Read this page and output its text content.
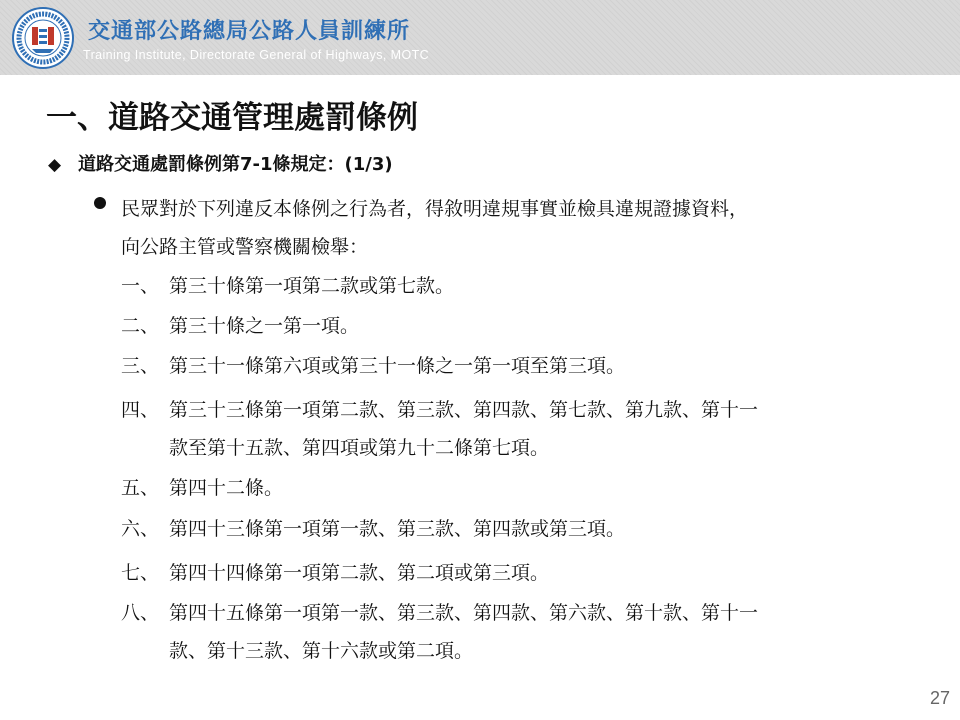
交通部公路總局公路人員訓練所
Training Institute, Directorate General of Highways, MOTC
一、道路交通管理處罰條例
◆ 道路交通處罰條例第7-1條規定：(1/3)
民眾對於下列違反本條例之行為者，得敘明違規事實並檢具違規證據資料，
向公路主管或警察機關檢舉：
一、 第三十條第一項第二款或第七款。
二、 第三十條之一第一項。
三、 第三十一條第六項或第三十一條之一第一項至第三項。
四、 第三十三條第一項第二款、第三款、第四款、第七款、第九款、第十一
款至第十五款、第四項或第九十二條第七項。
五、 第四十二條。
六、 第四十三條第一項第一款、第三款、第四款或第三項。
七、 第四十四條第一項第二款、第二項或第三項。
八、 第四十五條第一項第一款、第三款、第四款、第六款、第十款、第十一
款、第十三款、第十六款或第二項。
27
